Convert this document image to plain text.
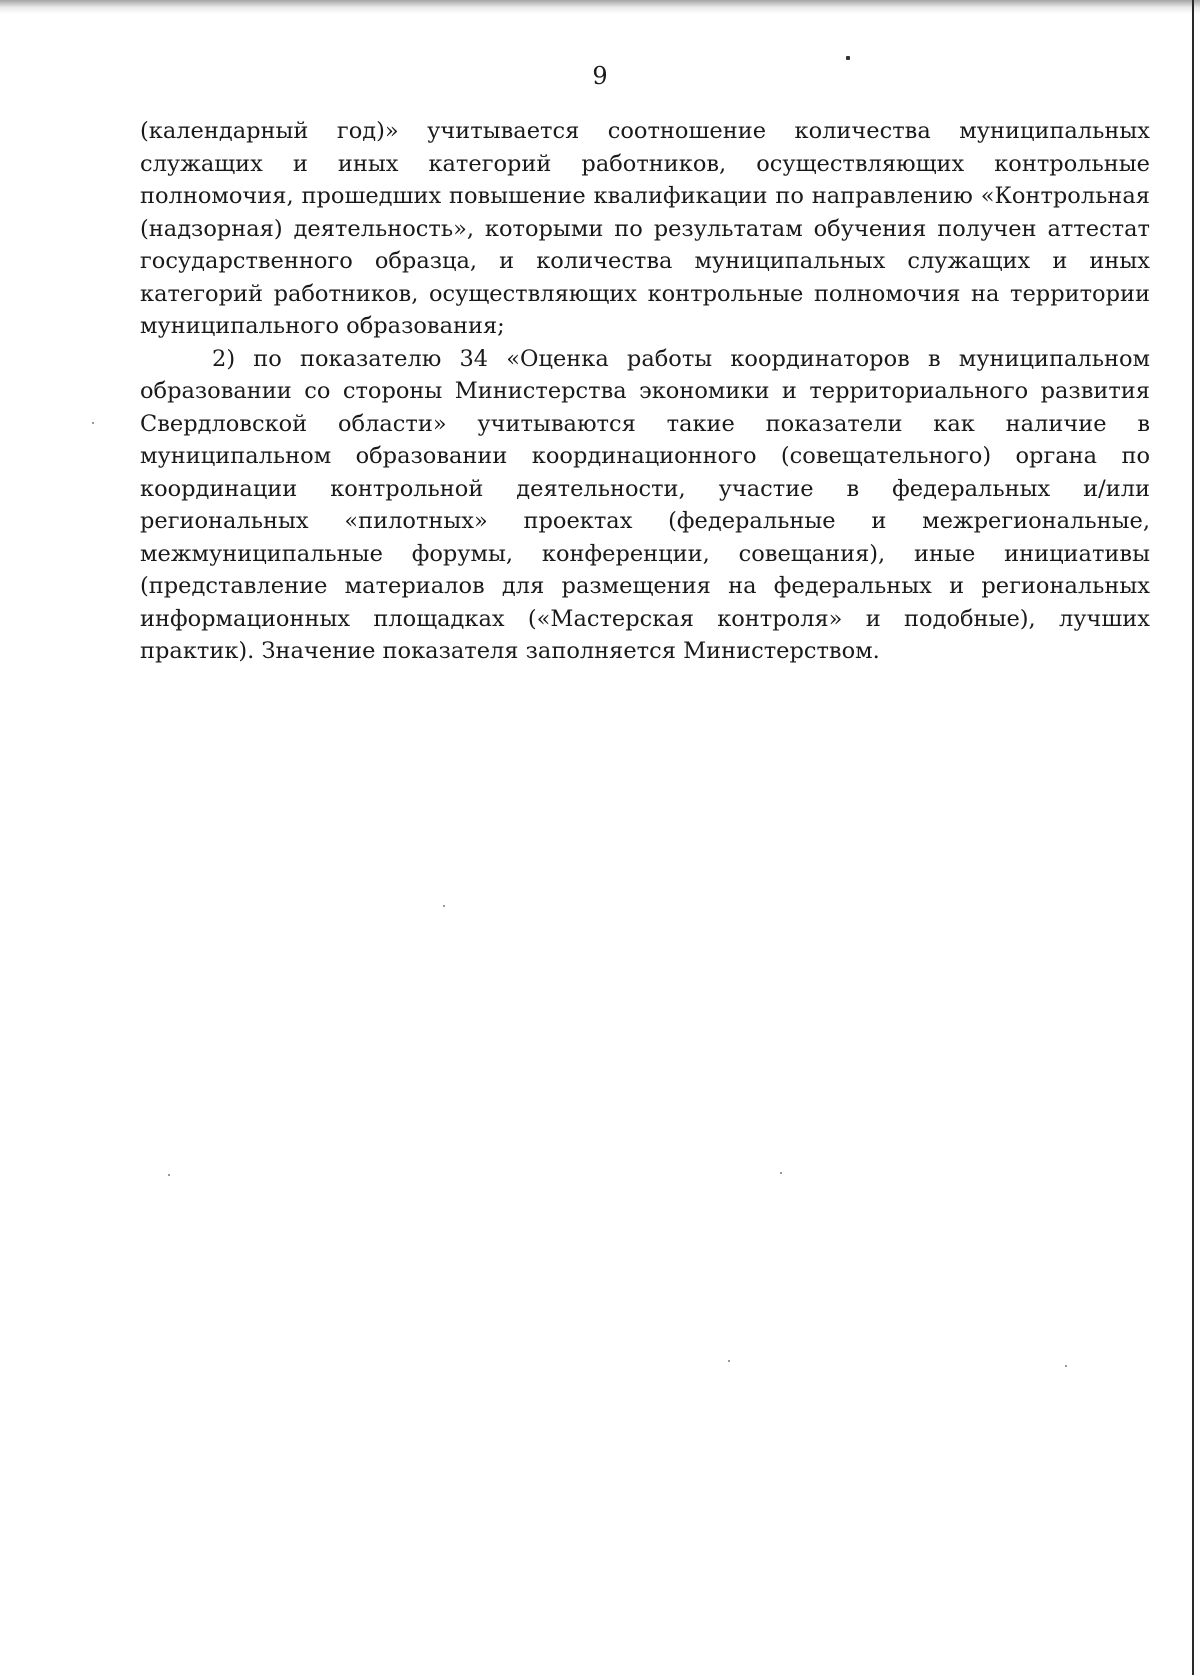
9

(календарный год)» учитывается соотношение количества муниципальных служащих и иных категорий работников, осуществляющих контрольные полномочия, прошедших повышение квалификации по направлению «Контрольная (надзорная) деятельность», которыми по результатам обучения получен аттестат государственного образца, и количества муниципальных служащих и иных категорий работников, осуществляющих контрольные полномочия на территории муниципального образования;

2) по показателю 34 «Оценка работы координаторов в муниципальном образовании со стороны Министерства экономики и территориального развития Свердловской области» учитываются такие показатели как наличие в муниципальном образовании координационного (совещательного) органа по координации контрольной деятельности, участие в федеральных и/или региональных «пилотных» проектах (федеральные и межрегиональные, межмуниципальные форумы, конференции, совещания), иные инициативы (представление материалов для размещения на федеральных и региональных информационных площадках («Мастерская контроля» и подобные), лучших практик). Значение показателя заполняется Министерством.
